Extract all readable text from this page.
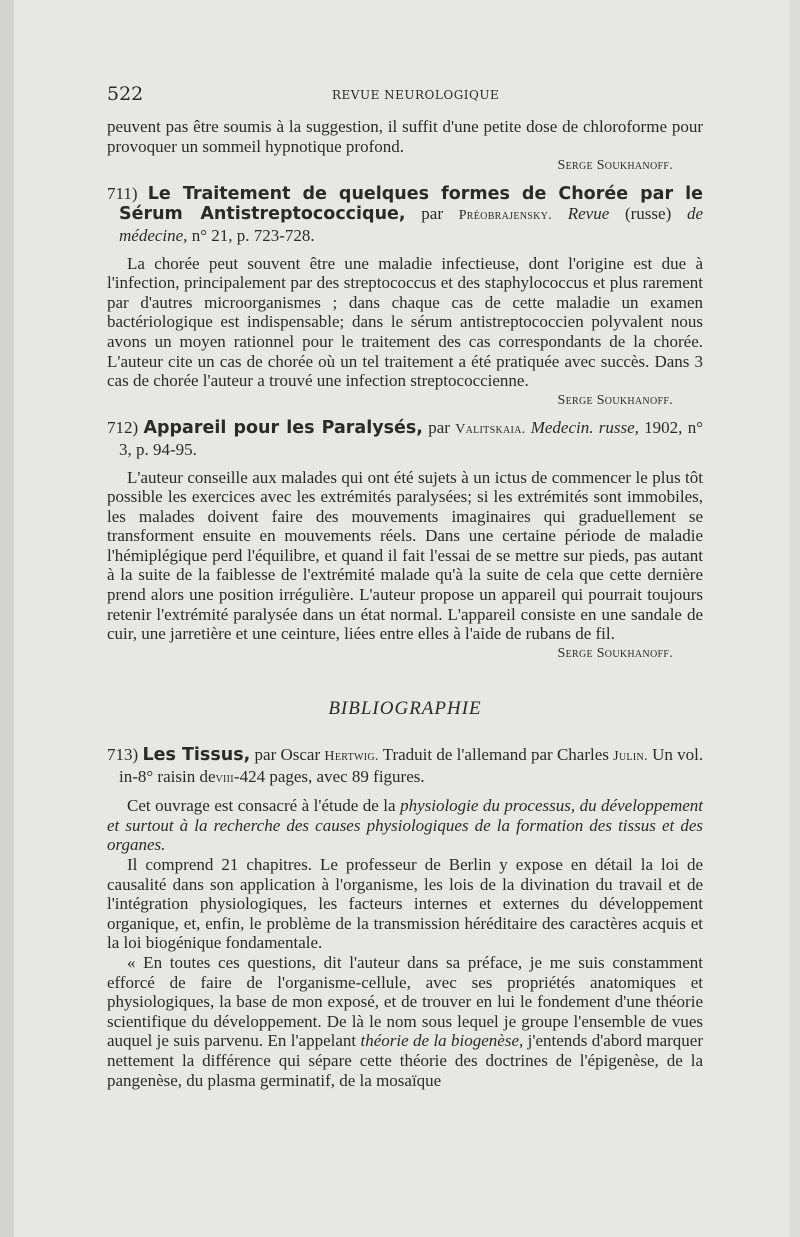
522	REVUE NEUROLOGIQUE

peuvent pas être soumis à la suggestion, il suffit d'une petite dose de chloroforme pour provoquer un sommeil hypnotique profond.

Serge Soukhanoff.

711) Le Traitement de quelques formes de Chorée par le Sérum Antistreptococcique, par Préobrajensky. Revue (russe) de médecine, n° 21, p. 723-728.

La chorée peut souvent être une maladie infectieuse, dont l'origine est due à l'infection, principalement par des streptococcus et des staphylococcus et plus rarement par d'autres microorganismes ; dans chaque cas de cette maladie un examen bactériologique est indispensable; dans le sérum antistreptococcien polyvalent nous avons un moyen rationnel pour le traitement des cas correspondants de la chorée. L'auteur cite un cas de chorée où un tel traitement a été pratiquée avec succès. Dans 3 cas de chorée l'auteur a trouvé une infection streptococcienne.

Serge Soukhanoff.

712) Appareil pour les Paralysés, par Valitskaia. Medecin. russe, 1902, n° 3, p. 94-95.

L'auteur conseille aux malades qui ont été sujets à un ictus de commencer le plus tôt possible les exercices avec les extrémités paralysées; si les extrémités sont immobiles, les malades doivent faire des mouvements imaginaires qui graduellement se transforment ensuite en mouvements réels. Dans une certaine période de maladie l'hémiplégique perd l'équilibre, et quand il fait l'essai de se mettre sur pieds, pas autant à la suite de la faiblesse de l'extrémité malade qu'à la suite de cela que cette dernière prend alors une position irrégulière. L'auteur propose un appareil qui pourrait toujours retenir l'extrémité paralysée dans un état normal. L'appareil consiste en une sandale de cuir, une jarretière et une ceinture, liées entre elles à l'aide de rubans de fil.

Serge Soukhanoff.

BIBLIOGRAPHIE

713) Les Tissus, par Oscar Hertwig. Traduit de l'allemand par Charles Julin. Un vol. in-8° raisin deviii-424 pages, avec 89 figures.

Cet ouvrage est consacré à l'étude de la physiologie du processus, du développement et surtout à la recherche des causes physiologiques de la formation des tissus et des organes.

Il comprend 21 chapitres. Le professeur de Berlin y expose en détail la loi de causalité dans son application à l'organisme, les lois de la divination du travail et de l'intégration physiologiques, les facteurs internes et externes du développement organique, et, enfin, le problème de la transmission héréditaire des caractères acquis et la loi biogénique fondamentale.

« En toutes ces questions, dit l'auteur dans sa préface, je me suis constamment efforcé de faire de l'organisme-cellule, avec ses propriétés anatomiques et physiologiques, la base de mon exposé, et de trouver en lui le fondement d'une théorie scientifique du développement. De là le nom sous lequel je groupe l'ensemble de vues auquel je suis parvenu. En l'appelant théorie de la biogenèse, j'entends d'abord marquer nettement la différence qui sépare cette théorie des doctrines de l'épigenèse, de la pangenèse, du plasma germinatif, de la mosaïque
